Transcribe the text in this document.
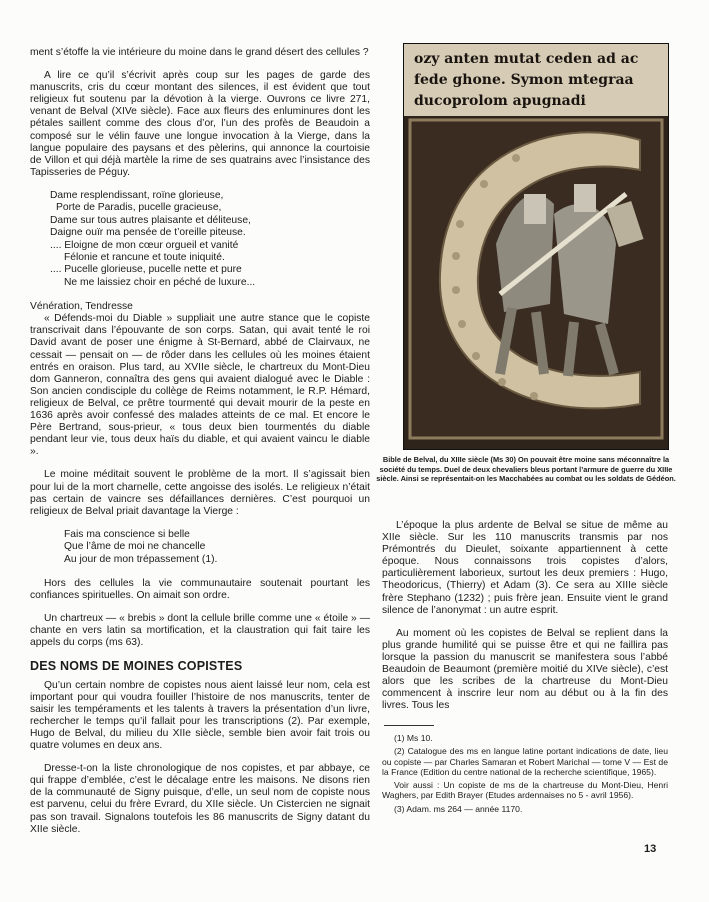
ment s’étoffe la vie intérieure du moine dans le grand désert des cellules ?

A lire ce qu’il s’écrivit après coup sur les pages de garde des manuscrits, cris du cœur montant des silences, il est évident que tout religieux fut soutenu par la dévotion à la vierge. Ouvrons ce livre 271, venant de Belval (XIVe siècle). Face aux fleurs des enluminures dont les pétales saillent comme des clous d’or, l’un des profès de Beaudoin a composé sur le vélin fauve une longue invocation à la Vierge, dans la langue populaire des paysans et des pèlerins, qui annonce la courtoisie de Villon et qui déjà martèle la rime de ses quatrains avec l’insistance des Tapisseries de Péguy.

Dame resplendissant, roïne glorieuse,
Porte de Paradis, pucelle gracieuse,
Dame sur tous autres plaisante et déliteuse,
Daigne ouïr ma pensée de t’oreille piteuse.
.... Eloigne de mon cœur orgueil et vanité
Félonie et rancune et toute iniquité.
.... Pucelle glorieuse, pucelle nette et pure
Ne me laissiez choir en péché de luxure...

Vénération, Tendresse

« Défends-moi du Diable » suppliait une autre stance que le copiste transcrivait dans l’épouvante de son corps. Satan, qui avait tenté le roi David avant de poser une énigme à St-Bernard, abbé de Clairvaux, ne cessait — pensait on — de rôder dans les cellules où les moines étaient entrés en oraison. Plus tard, au XVIIe siècle, le chartreux du Mont-Dieu dom Ganneron, connaîtra des gens qui avaient dialogué avec le Diable : Son ancien condisciple du collège de Reims notamment, le R.P. Hémard, religieux de Belval, ce prêtre tourmenté qui devait mourir de la peste en 1636 après avoir confessé des malades atteints de ce mal. Et encore le Père Bertrand, sous-prieur, « tous deux bien tourmentés du diable pendant leur vie, tous deux haïs du diable, et qui avaient vaincu le diable ».

Le moine méditait souvent le problème de la mort. Il s’agissait bien pour lui de la mort charnelle, cette angoisse des isolés. Le religieux n’était pas certain de vaincre ses défaillances dernières. C’est pourquoi un religieux de Belval priait davantage la Vierge :

Fais ma conscience si belle
Que l’âme de moi ne chancelle
Au jour de mon trépassement (1).

Hors des cellules la vie communautaire soutenait pourtant les confiances spirituelles. On aimait son ordre.

Un chartreux — « brebis » dont la cellule brille comme une « étoile » — chante en vers latin sa mortification, et la claustration qui fait taire les appels du corps (ms 63).

DES NOMS DE MOINES COPISTES

Qu’un certain nombre de copistes nous aient laissé leur nom, cela est important pour qui voudra fouiller l’histoire de nos manuscrits, tenter de saisir les tempéraments et les talents à travers la présentation d’un livre, rechercher le temps qu’il fallait pour les transcriptions (2). Par exemple, Hugo de Belval, du milieu du XIIe siècle, semble bien avoir fait trois ou quatre volumes en deux ans.

Dresse-t-on la liste chronologique de nos copistes, et par abbaye, ce qui frappe d’emblée, c’est le décalage entre les maisons. Ne disons rien de la communauté de Signy puisque, d’elle, un seul nom de copiste nous est parvenu, celui du frère Evrard, du XIIe siècle. Un Cistercien ne signait pas son travail. Signalons toutefois les 86 manuscrits de Signy datant du XIIe siècle.

ozy anten mutat ceden ad ac
fede ghone. Symon mtegraa
ducoprolom apugnadi
Bible de Belval, du XIIIe siècle (Ms 30) On pouvait être moine sans méconnaître la société du temps. Duel de deux chevaliers bleus portant l’armure de guerre du XIIIe siècle. Ainsi se représentait-on les Macchabées au combat ou les soldats de Gédéon.

L’époque la plus ardente de Belval se situe de même au XIIe siècle. Sur les 110 manuscrits transmis par nos Prémontrés du Dieulet, soixante appartiennent à cette époque. Nous connaissons trois copistes d’alors, particulièrement laborieux, surtout les deux premiers : Hugo, Theodoricus, (Thierry) et Adam (3). Ce sera au XIIIe siècle frère Stephano (1232) ; puis frère jean. Ensuite vient le grand silence de l’anonymat : un autre esprit.

Au moment où les copistes de Belval se replient dans la plus grande humilité qui se puisse être et qui ne faillira pas lorsque la passion du manuscrit se manifestera sous l’abbé Beaudoin de Beaumont (première moitié du XIVe siècle), c’est alors que les scribes de la chartreuse du Mont-Dieu commencent à inscrire leur nom au début ou à la fin des livres. Tous les

(1) Ms 10.

(2) Catalogue des ms en langue latine portant indications de date, lieu ou copiste — par Charles Samaran et Robert Marichal — tome V — Est de la France (Edition du centre national de la recherche scientifique, 1965).

Voir aussi : Un copiste de ms de la chartreuse du Mont-Dieu, Henri Waghers, par Edith Brayer (Etudes ardennaises no 5 - avril 1956).

(3) Adam. ms 264 — année 1170.

13
